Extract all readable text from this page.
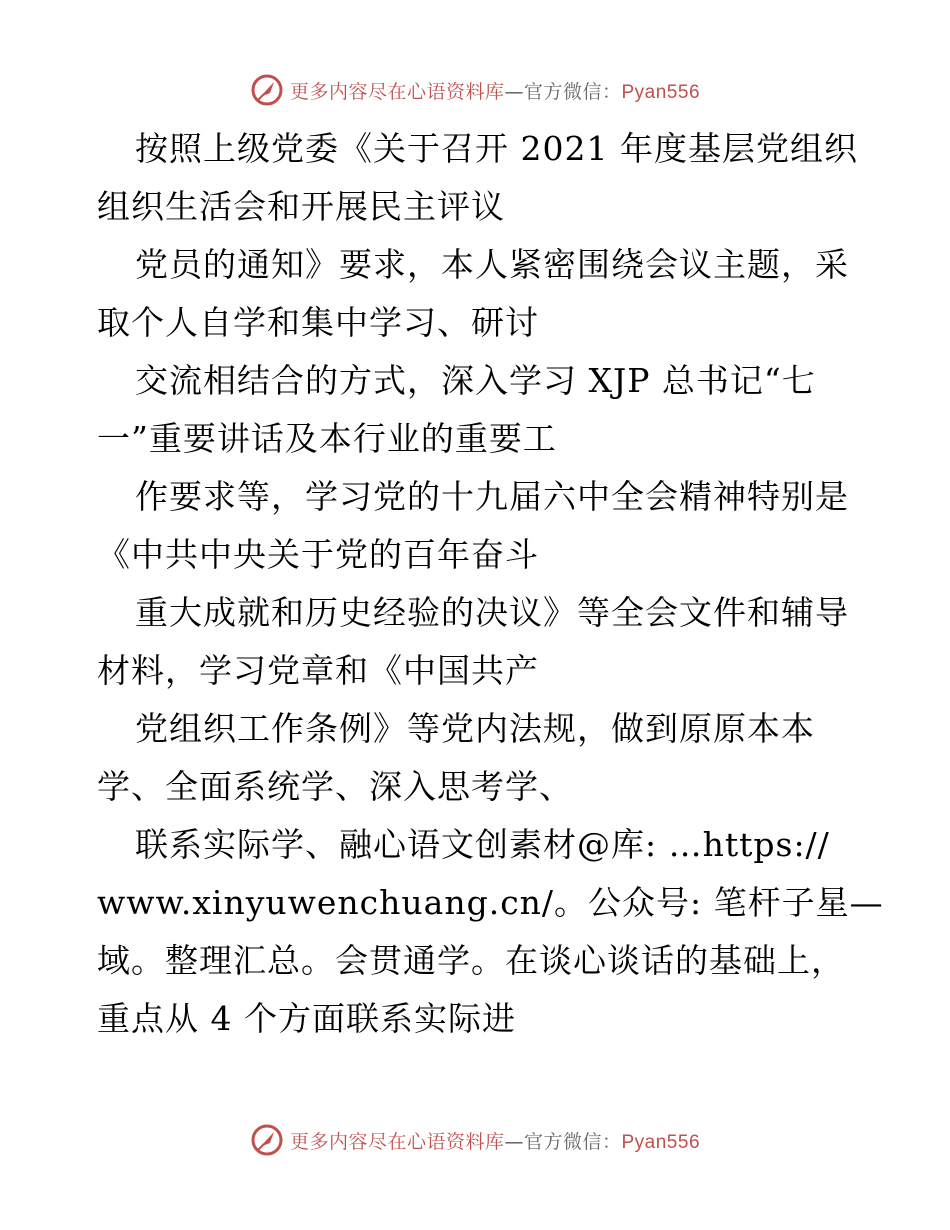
更多内容尽在心语资料库—官方微信：Pyan556
按照上级党委《关于召开 2021 年度基层党组织
组织生活会和开展民主评议
党员的通知》要求，本人紧密围绕会议主题，采
取个人自学和集中学习、研讨
交流相结合的方式，深入学习 XJP 总书记“七
一”重要讲话及本行业的重要工
作要求等，学习党的十九届六中全会精神特别是
《中共中央关于党的百年奋斗
重大成就和历史经验的决议》等全会文件和辅导
材料，学习党章和《中国共产
党组织工作条例》等党内法规，做到原原本本
学、全面系统学、深入思考学、
联系实际学、融心语文创素材@库: …https://
www.xinyuwenchuang.cn/。公众号: 笔杆子星—
域。整理汇总。会贯通学。在谈心谈话的基础上，
重点从 4 个方面联系实际进
更多内容尽在心语资料库—官方微信：Pyan556
